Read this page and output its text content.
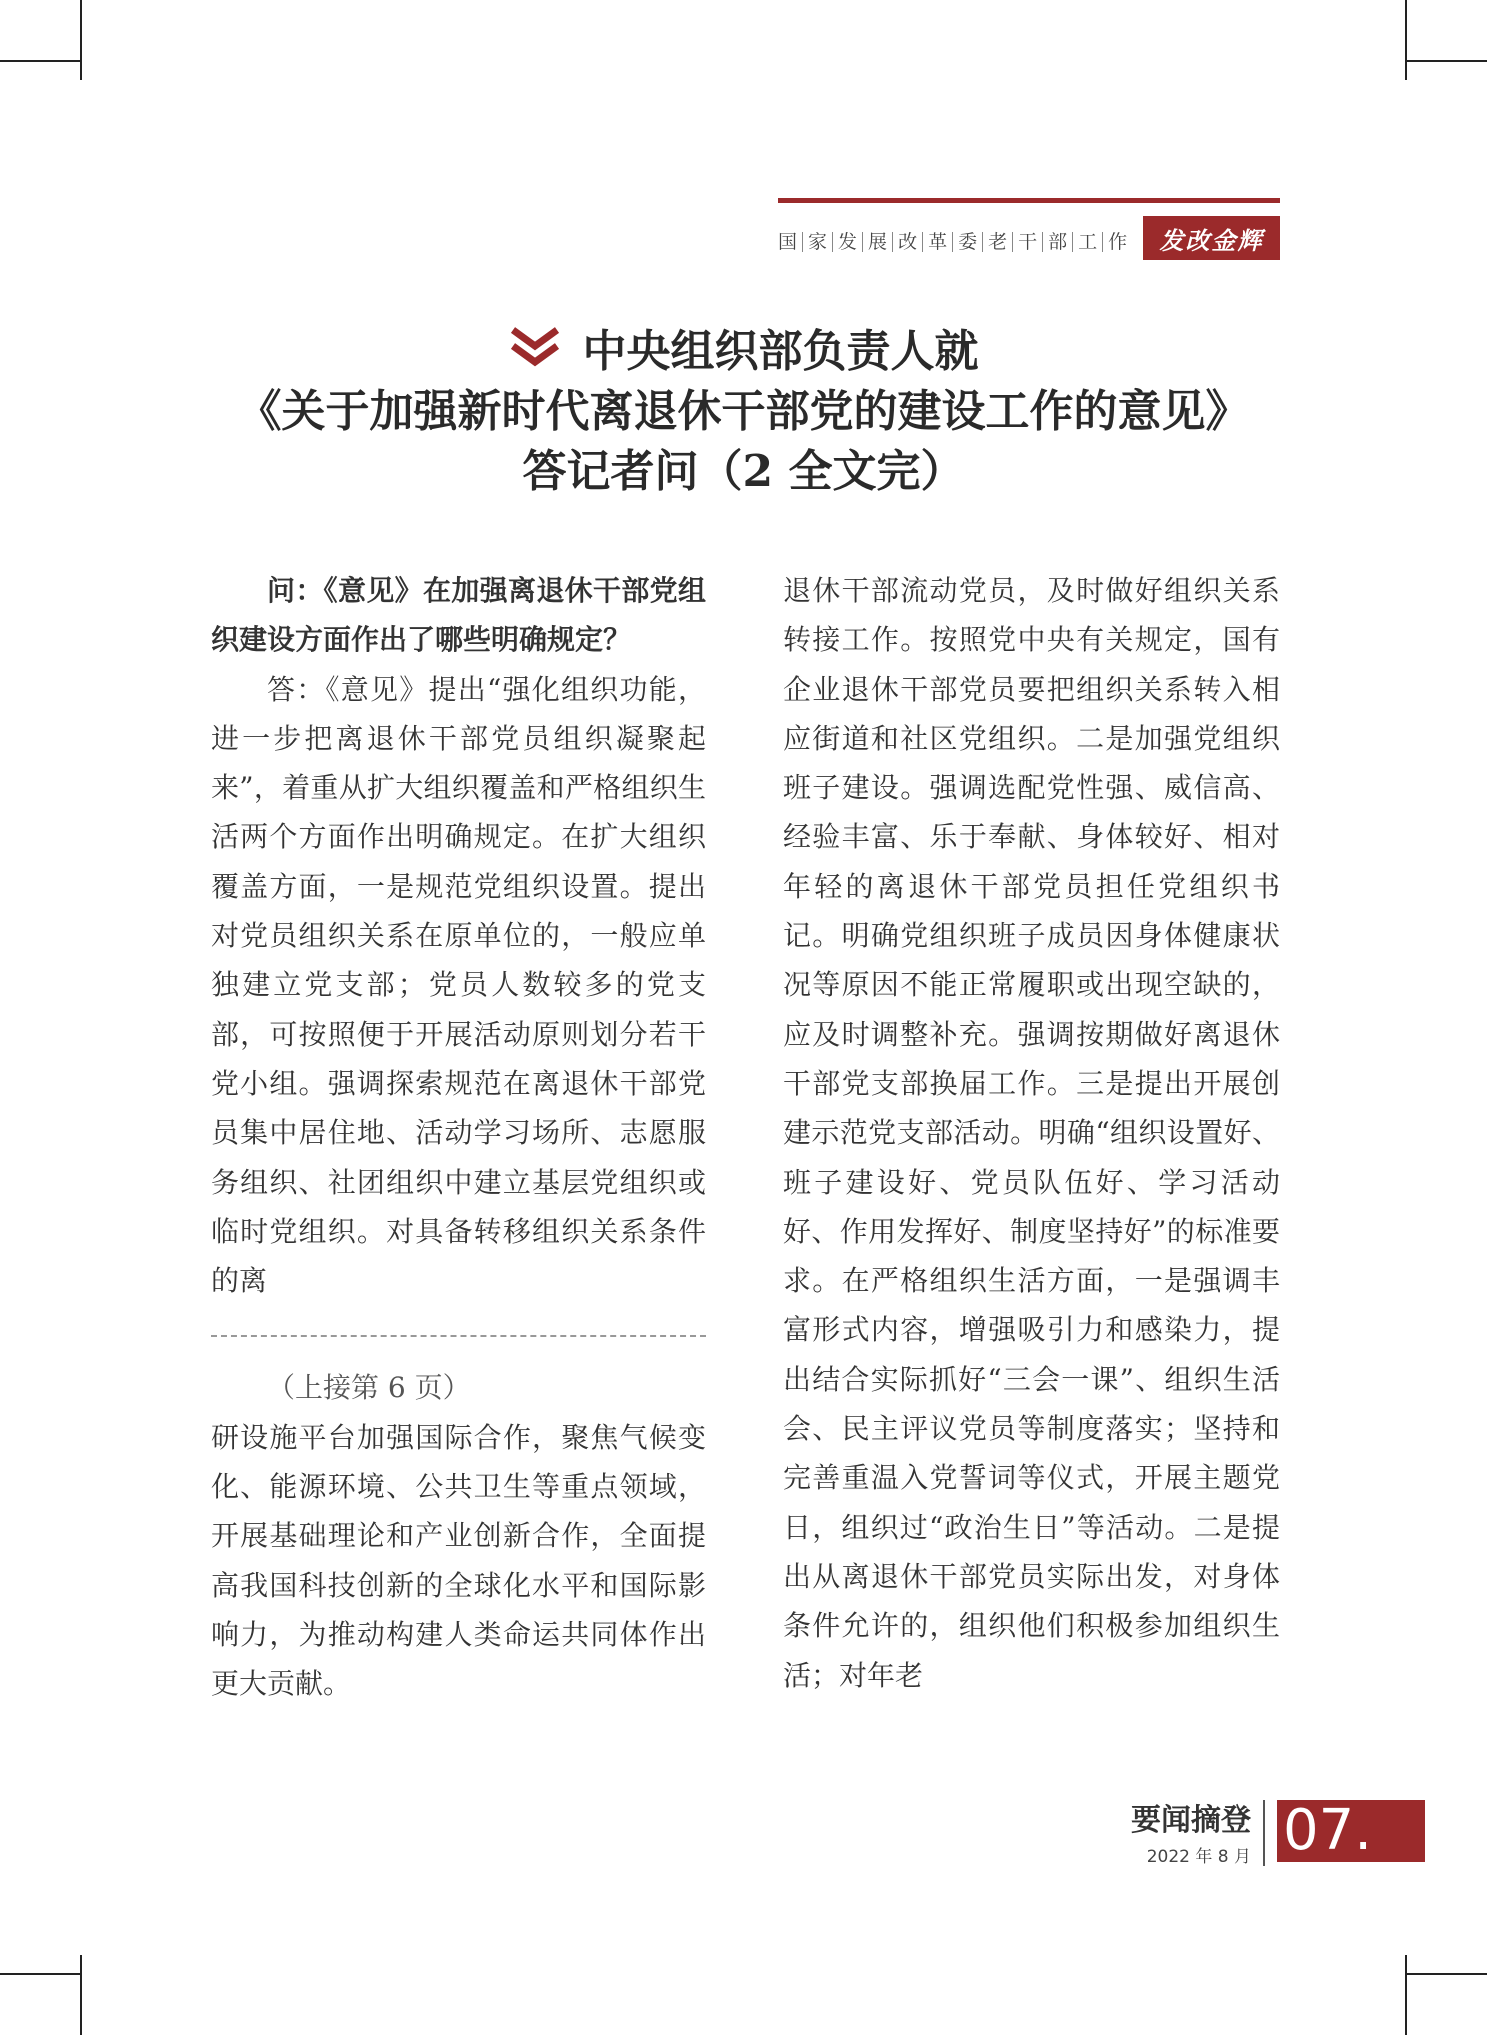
国 家 发 展 改 革 委 老 干 部 工 作	发改金辉
中央组织部负责人就
《关于加强新时代离退休干部党的建设工作的意见》
答记者问（2 全文完）

问：《意见》在加强离退休干部党组织建设方面作出了哪些明确规定？

答：《意见》提出“强化组织功能，进一步把离退休干部党员组织凝聚起来”，着重从扩大组织覆盖和严格组织生活两个方面作出明确规定。在扩大组织覆盖方面，一是规范党组织设置。提出对党员组织关系在原单位的，一般应单独建立党支部；党员人数较多的党支部，可按照便于开展活动原则划分若干党小组。强调探索规范在离退休干部党员集中居住地、活动学习场所、志愿服务组织、社团组织中建立基层党组织或临时党组织。对具备转移组织关系条件的离

（上接第 6 页）

研设施平台加强国际合作，聚焦气候变化、能源环境、公共卫生等重点领域，开展基础理论和产业创新合作，全面提高我国科技创新的全球化水平和国际影响力，为推动构建人类命运共同体作出更大贡献。

退休干部流动党员，及时做好组织关系转接工作。按照党中央有关规定，国有企业退休干部党员要把组织关系转入相应街道和社区党组织。二是加强党组织班子建设。强调选配党性强、威信高、经验丰富、乐于奉献、身体较好、相对年轻的离退休干部党员担任党组织书记。明确党组织班子成员因身体健康状况等原因不能正常履职或出现空缺的，应及时调整补充。强调按期做好离退休干部党支部换届工作。三是提出开展创建示范党支部活动。明确“组织设置好、班子建设好、党员队伍好、学习活动好、作用发挥好、制度坚持好”的标准要求。在严格组织生活方面，一是强调丰富形式内容，增强吸引力和感染力，提出结合实际抓好“三会一课”、组织生活会、民主评议党员等制度落实；坚持和完善重温入党誓词等仪式，开展主题党日，组织过“政治生日”等活动。二是提出从离退休干部党员实际出发，对身体条件允许的，组织他们积极参加组织生活；对年老

要闻摘登
2022 年 8 月 07.
